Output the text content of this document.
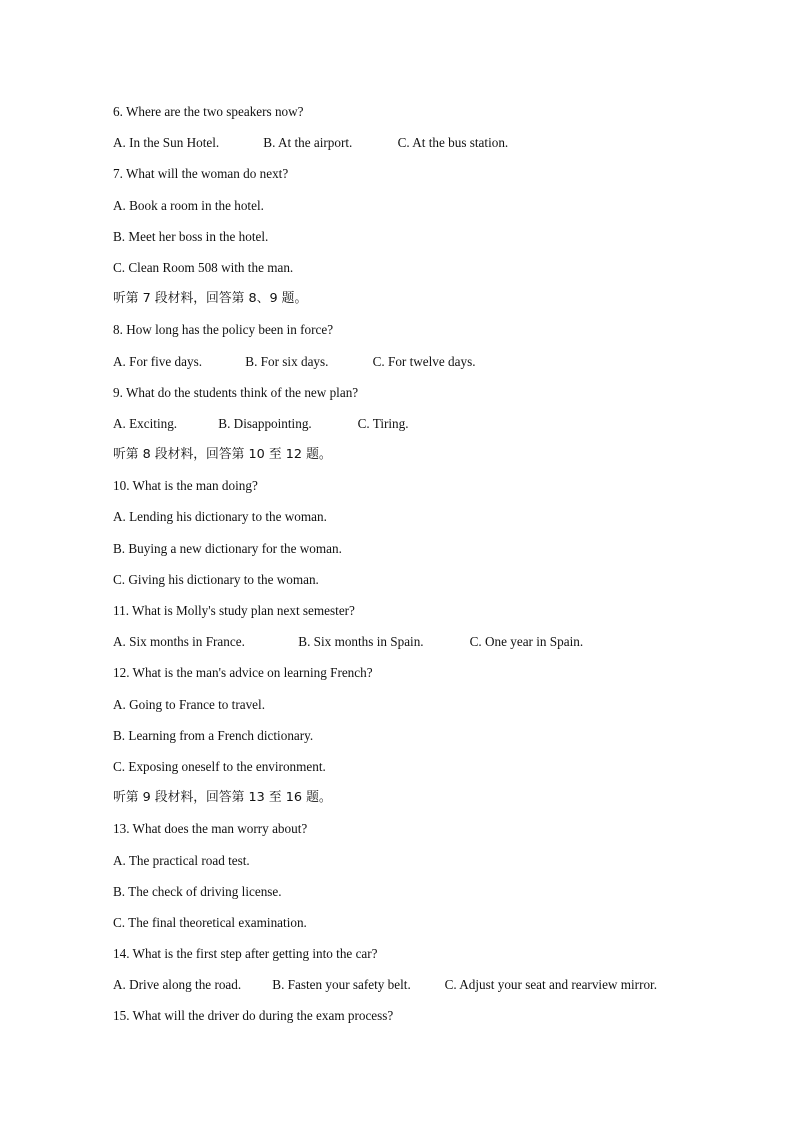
6. Where are the two speakers now?
A. In the Sun Hotel.	B. At the airport.	C. At the bus station.
7. What will the woman do next?
A. Book a room in the hotel.
B. Meet her boss in the hotel.
C. Clean Room 508 with the man.
听第 7 段材料，回答第 8、9 题。
8. How long has the policy been in force?
A. For five days.	B. For six days.	C. For twelve days.
9. What do the students think of the new plan?
A. Exciting.	B. Disappointing.	C. Tiring.
听第 8 段材料，回答第 10 至 12 题。
10. What is the man doing?
A. Lending his dictionary to the woman.
B. Buying a new dictionary for the woman.
C. Giving his dictionary to the woman.
11. What is Molly's study plan next semester?
A. Six months in France.	B. Six months in Spain.	C. One year in Spain.
12. What is the man's advice on learning French?
A. Going to France to travel.
B. Learning from a French dictionary.
C. Exposing oneself to the environment.
听第 9 段材料，回答第 13 至 16 题。
13. What does the man worry about?
A. The practical road test.
B. The check of driving license.
C. The final theoretical examination.
14. What is the first step after getting into the car?
A. Drive along the road. B. Fasten your safety belt.	C. Adjust your seat and rearview mirror.
15. What will the driver do during the exam process?
